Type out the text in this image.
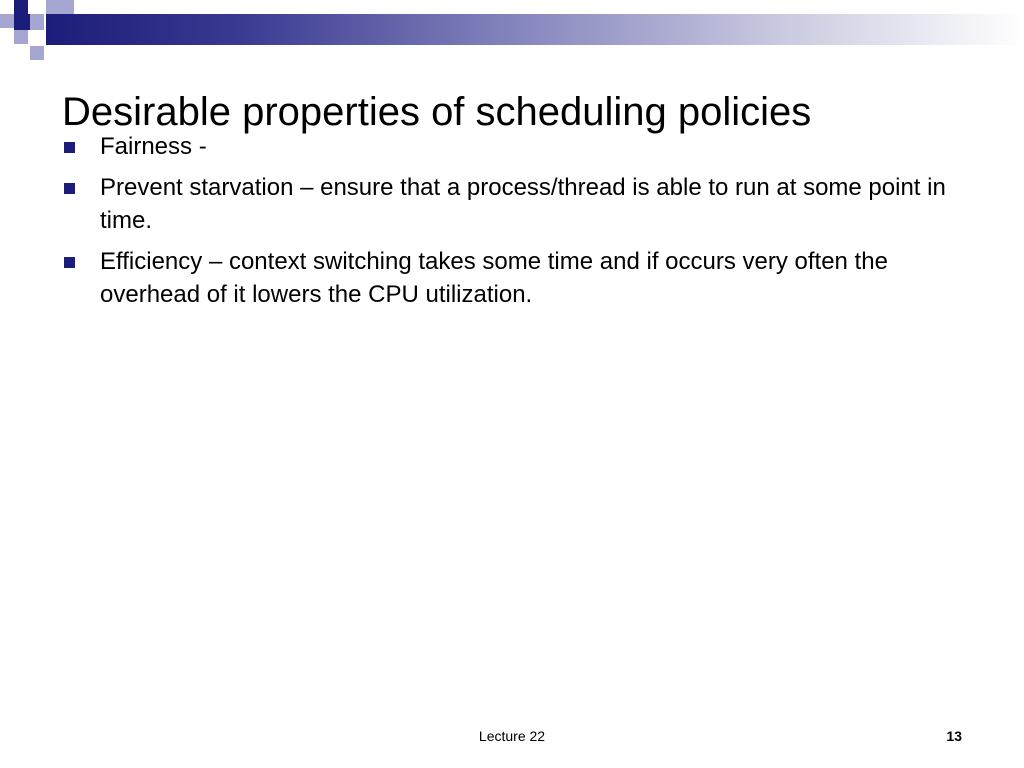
Desirable properties of scheduling policies
Fairness -
Prevent starvation – ensure that a process/thread is able to run at some point in time.
Efficiency – context switching takes some time and if occurs very often the overhead of it lowers the CPU utilization.
Lecture 22	13
